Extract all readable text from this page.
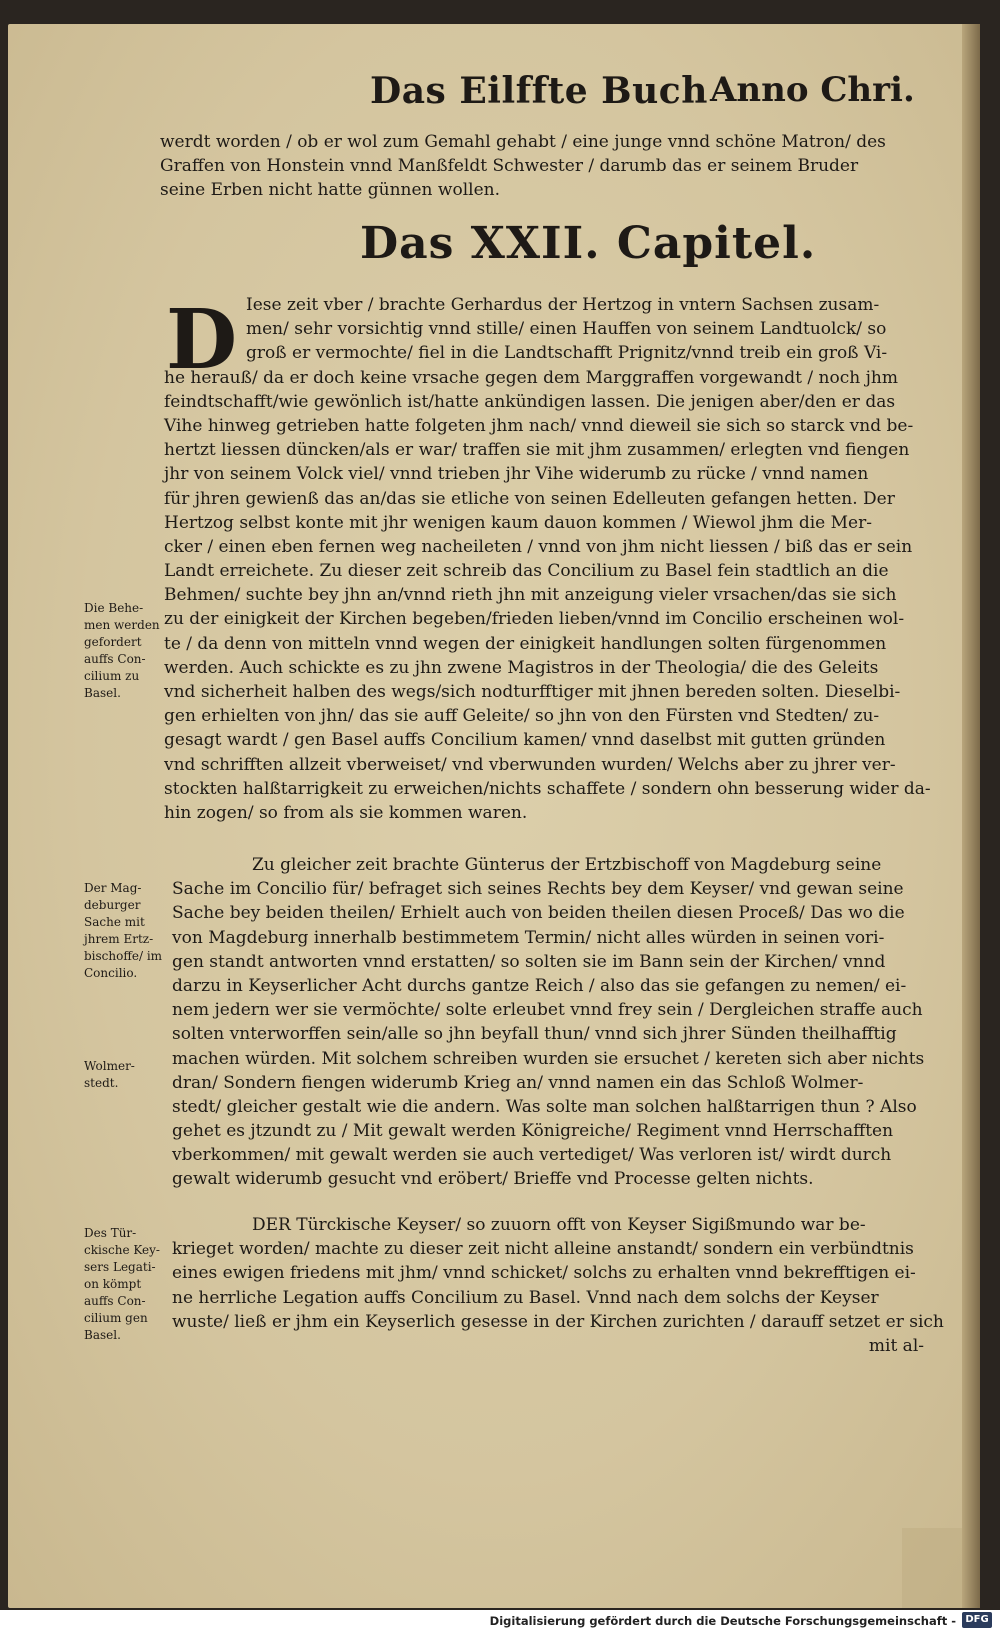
Das Eilffte Buch Anno Chri.
werdt worden / ob er wol zum Gemahl gehabt / eine junge vnnd schöne Matron/ des
Graffen von Honstein vnnd Manßfeldt Schwester / darumb das er seinem Bruder
seine Erben nicht hatte günnen wollen.
Das XXII. Capitel.
D Iese zeit vber / brachte Gerhardus der Hertzog in vntern Sachsen zusam-
men/ sehr vorsichtig vnnd stille/ einen Hauffen von seinem Landtuolck/ so
groß er vermochte/ fiel in die Landtschafft Prignitz/vnnd treib ein groß Vi-
he herauß/ da er doch keine vrsache gegen dem Marggraffen vorgewandt / noch jhm
feindtschafft/wie gewönlich ist/hatte ankündigen lassen. Die jenigen aber/den er das
Vihe hinweg getrieben hatte folgeten jhm nach/ vnnd dieweil sie sich so starck vnd be-
hertzt liessen düncken/als er war/ traffen sie mit jhm zusammen/ erlegten vnd fiengen
jhr von seinem Volck viel/ vnnd trieben jhr Vihe widerumb zu rücke / vnnd namen
für jhren gewienß das an/das sie etliche von seinen Edelleuten gefangen hetten. Der
Hertzog selbst konte mit jhr wenigen kaum dauon kommen / Wiewol jhm die Mer-
cker / einen eben fernen weg nacheileten / vnnd von jhm nicht liessen / biß das er sein
Landt erreichete. Zu dieser zeit schreib das Concilium zu Basel fein stadtlich an die
Behmen/ suchte bey jhn an/vnnd rieth jhn mit anzeigung vieler vrsachen/das sie sich
zu der einigkeit der Kirchen begeben/frieden lieben/vnnd im Concilio erscheinen wol-
te / da denn von mitteln vnnd wegen der einigkeit handlungen solten fürgenommen
werden. Auch schickte es zu jhn zwene Magistros in der Theologia/ die des Geleits
vnd sicherheit halben des wegs/sich nodturfftiger mit jhnen bereden solten. Dieselbi-
gen erhielten von jhn/ das sie auff Geleite/ so jhn von den Fürsten vnd Stedten/ zu-
gesagt wardt / gen Basel auffs Concilium kamen/ vnnd daselbst mit gutten gründen
vnd schrifften allzeit vberweiset/ vnd vberwunden wurden/ Welchs aber zu jhrer ver-
stockten halßtarrigkeit zu erweichen/nichts schaffete / sondern ohn besserung wider da-
hin zogen/ so from als sie kommen waren.
Zu gleicher zeit brachte Günterus der Ertzbischoff von Magdeburg seine
Sache im Concilio für/ befraget sich seines Rechts bey dem Keyser/ vnd gewan seine
Sache bey beiden theilen/ Erhielt auch von beiden theilen diesen Proceß/ Das wo die
von Magdeburg innerhalb bestimmetem Termin/ nicht alles würden in seinen vori-
gen standt antworten vnnd erstatten/ so solten sie im Bann sein der Kirchen/ vnnd
darzu in Keyserlicher Acht durchs gantze Reich / also das sie gefangen zu nemen/ ei-
nem jedern wer sie vermöchte/ solte erleubet vnnd frey sein / Dergleichen straffe auch
solten vnterworffen sein/alle so jhn beyfall thun/ vnnd sich jhrer Sünden theilhafftig
machen würden. Mit solchem schreiben wurden sie ersuchet / kereten sich aber nichts
dran/ Sondern fiengen widerumb Krieg an/ vnnd namen ein das Schloß Wolmer-
stedt/ gleicher gestalt wie die andern. Was solte man solchen halßtarrigen thun ? Also
gehet es jtzundt zu / Mit gewalt werden Königreiche/ Regiment vnnd Herrschafften
vberkommen/ mit gewalt werden sie auch vertediget/ Was verloren ist/ wirdt durch
gewalt widerumb gesucht vnd eröbert/ Brieffe vnd Processe gelten nichts.
DER Türckische Keyser/ so zuuorn offt von Keyser Sigißmundo war be-
krieget worden/ machte zu dieser zeit nicht alleine anstandt/ sondern ein verbündtnis
eines ewigen friedens mit jhm/ vnnd schicket/ solchs zu erhalten vnnd bekrefftigen ei-
ne herrliche Legation auffs Concilium zu Basel. Vnnd nach dem solchs der Keyser
wuste/ ließ er jhm ein Keyserlich gesesse in der Kirchen zurichten / darauff setzet er sich
mit al-
Die Behe-
men werden
gefordert
auffs Con-
cilium zu
Basel.
Der Mag-
deburger
Sache mit
jhrem Ertz-
bischoffe/ im
Concilio.
Wolmer-
stedt.
Des Tür-
ckische Key-
sers Legati-
on kömpt
auffs Con-
cilium gen
Basel.
Digitalisierung gefördert durch die Deutsche Forschungsgemeinschaft - DFG
